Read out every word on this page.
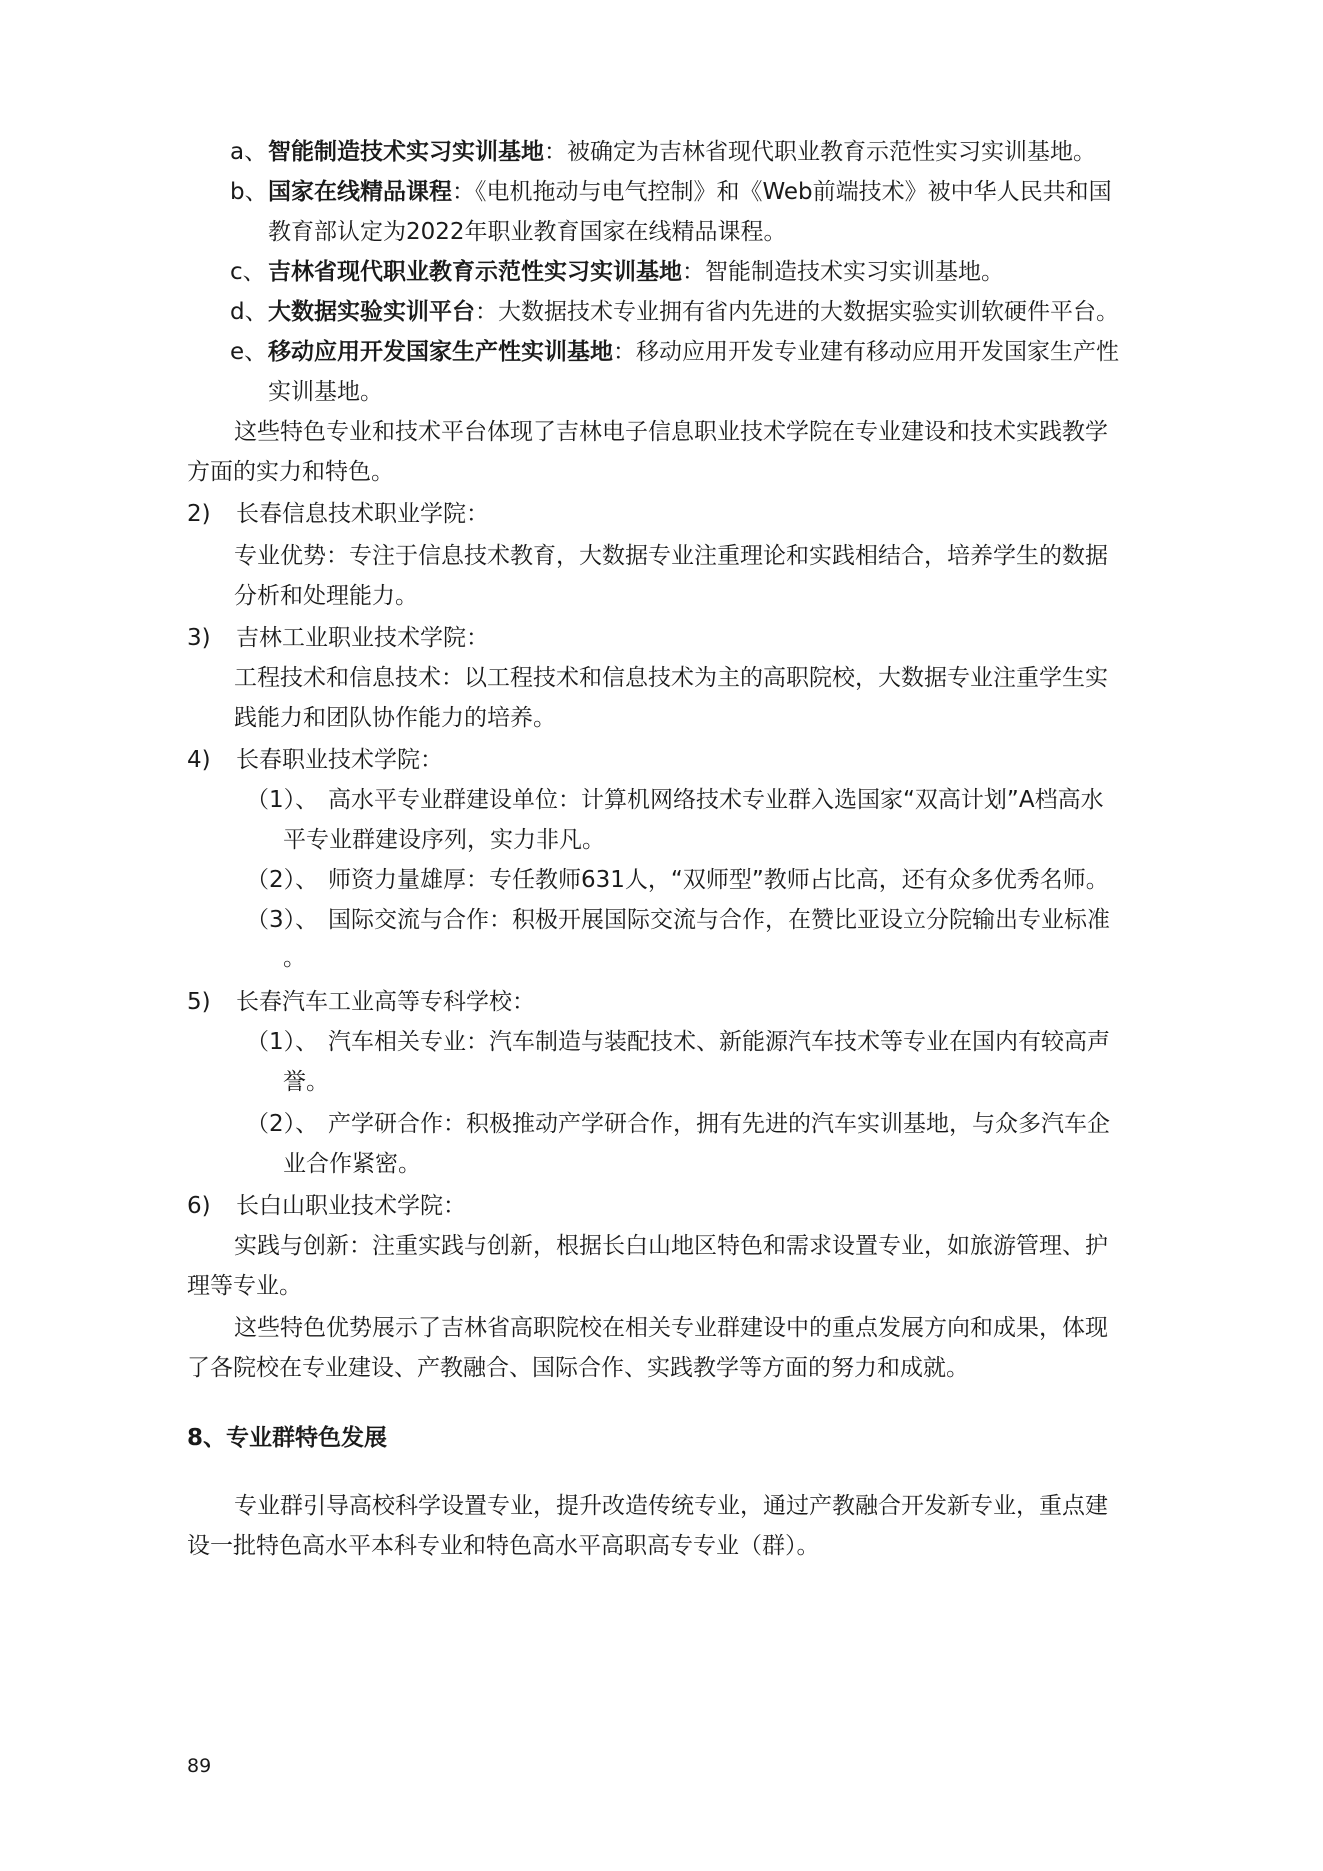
a、 智能制造技术实习实训基地：被确定为吉林省现代职业教育示范性实习实训基地。
b、 国家在线精品课程：《电机拖动与电气控制》和《Web前端技术》被中华人民共和国
教育部认定为2022年职业教育国家在线精品课程。
c、 吉林省现代职业教育示范性实习实训基地：智能制造技术实习实训基地。
d、 大数据实验实训平台：大数据技术专业拥有省内先进的大数据实验实训软硬件平台。
e、 移动应用开发国家生产性实训基地：移动应用开发专业建有移动应用开发国家生产性
实训基地。
这些特色专业和技术平台体现了吉林电子信息职业技术学院在专业建设和技术实践教学
方面的实力和特色。
2) 长春信息技术职业学院：
专业优势：专注于信息技术教育，大数据专业注重理论和实践相结合，培养学生的数据
分析和处理能力。
3) 吉林工业职业技术学院：
工程技术和信息技术：以工程技术和信息技术为主的高职院校，大数据专业注重学生实
践能力和团队协作能力的培养。
4) 长春职业技术学院：
（1）、 高水平专业群建设单位：计算机网络技术专业群入选国家“双高计划”A档高水
平专业群建设序列，实力非凡。
（2）、 师资力量雄厚：专任教师631人，“双师型”教师占比高，还有众多优秀名师。
（3）、 国际交流与合作：积极开展国际交流与合作，在赞比亚设立分院输出专业标准
。
5) 长春汽车工业高等专科学校：
（1）、 汽车相关专业：汽车制造与装配技术、新能源汽车技术等专业在国内有较高声
誉。
（2）、 产学研合作：积极推动产学研合作，拥有先进的汽车实训基地，与众多汽车企
业合作紧密。
6) 长白山职业技术学院：
实践与创新：注重实践与创新，根据长白山地区特色和需求设置专业，如旅游管理、护
理等专业。
这些特色优势展示了吉林省高职院校在相关专业群建设中的重点发展方向和成果，体现
了各院校在专业建设、产教融合、国际合作、实践教学等方面的努力和成就。
8、专业群特色发展
专业群引导高校科学设置专业，提升改造传统专业，通过产教融合开发新专业，重点建
设一批特色高水平本科专业和特色高水平高职高专专业（群）。
89
